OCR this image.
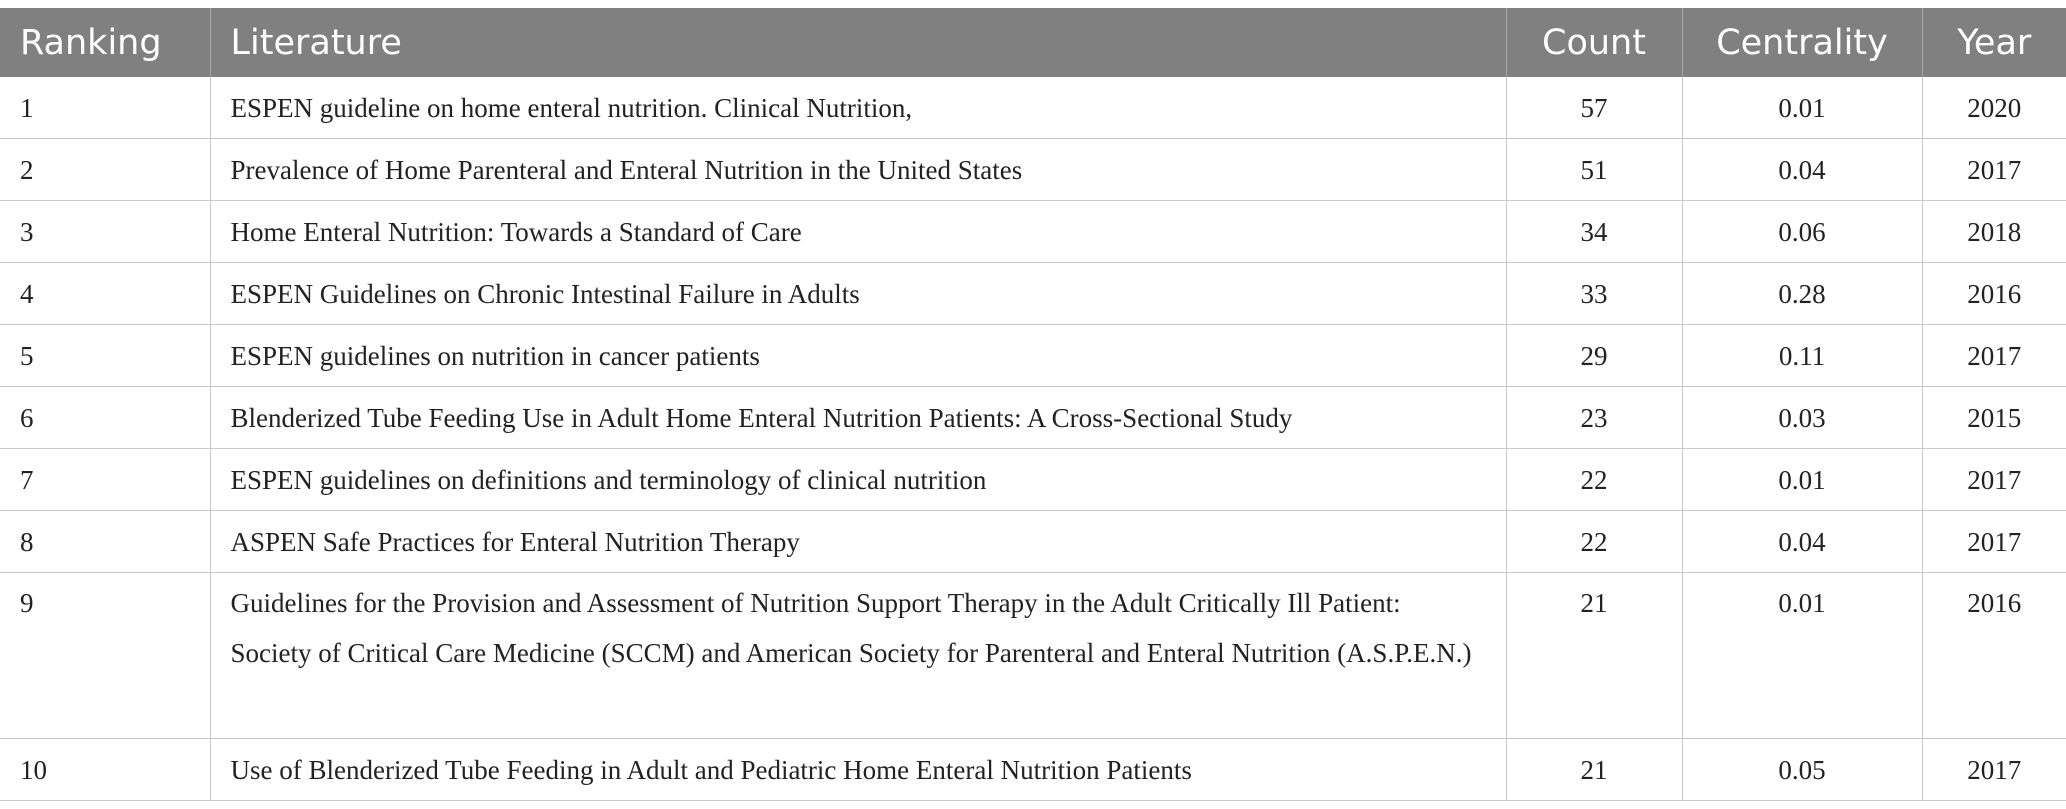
Ranking	Literature	Count	Centrality	Year
1	ESPEN guideline on home enteral nutrition. Clinical Nutrition,	57	0.01	2020
2	Prevalence of Home Parenteral and Enteral Nutrition in the United States	51	0.04	2017
3	Home Enteral Nutrition: Towards a Standard of Care	34	0.06	2018
4	ESPEN Guidelines on Chronic Intestinal Failure in Adults	33	0.28	2016
5	ESPEN guidelines on nutrition in cancer patients	29	0.11	2017
6	Blenderized Tube Feeding Use in Adult Home Enteral Nutrition Patients: A Cross-Sectional Study	23	0.03	2015
7	ESPEN guidelines on definitions and terminology of clinical nutrition	22	0.01	2017
8	ASPEN Safe Practices for Enteral Nutrition Therapy	22	0.04	2017
9	Guidelines for the Provision and Assessment of Nutrition Support Therapy in the Adult Critically Ill Patient: Society of Critical Care Medicine (SCCM) and American Society for Parenteral and Enteral Nutrition (A.S.P.E.N.)	21	0.01	2016
10	Use of Blenderized Tube Feeding in Adult and Pediatric Home Enteral Nutrition Patients	21	0.05	2017
